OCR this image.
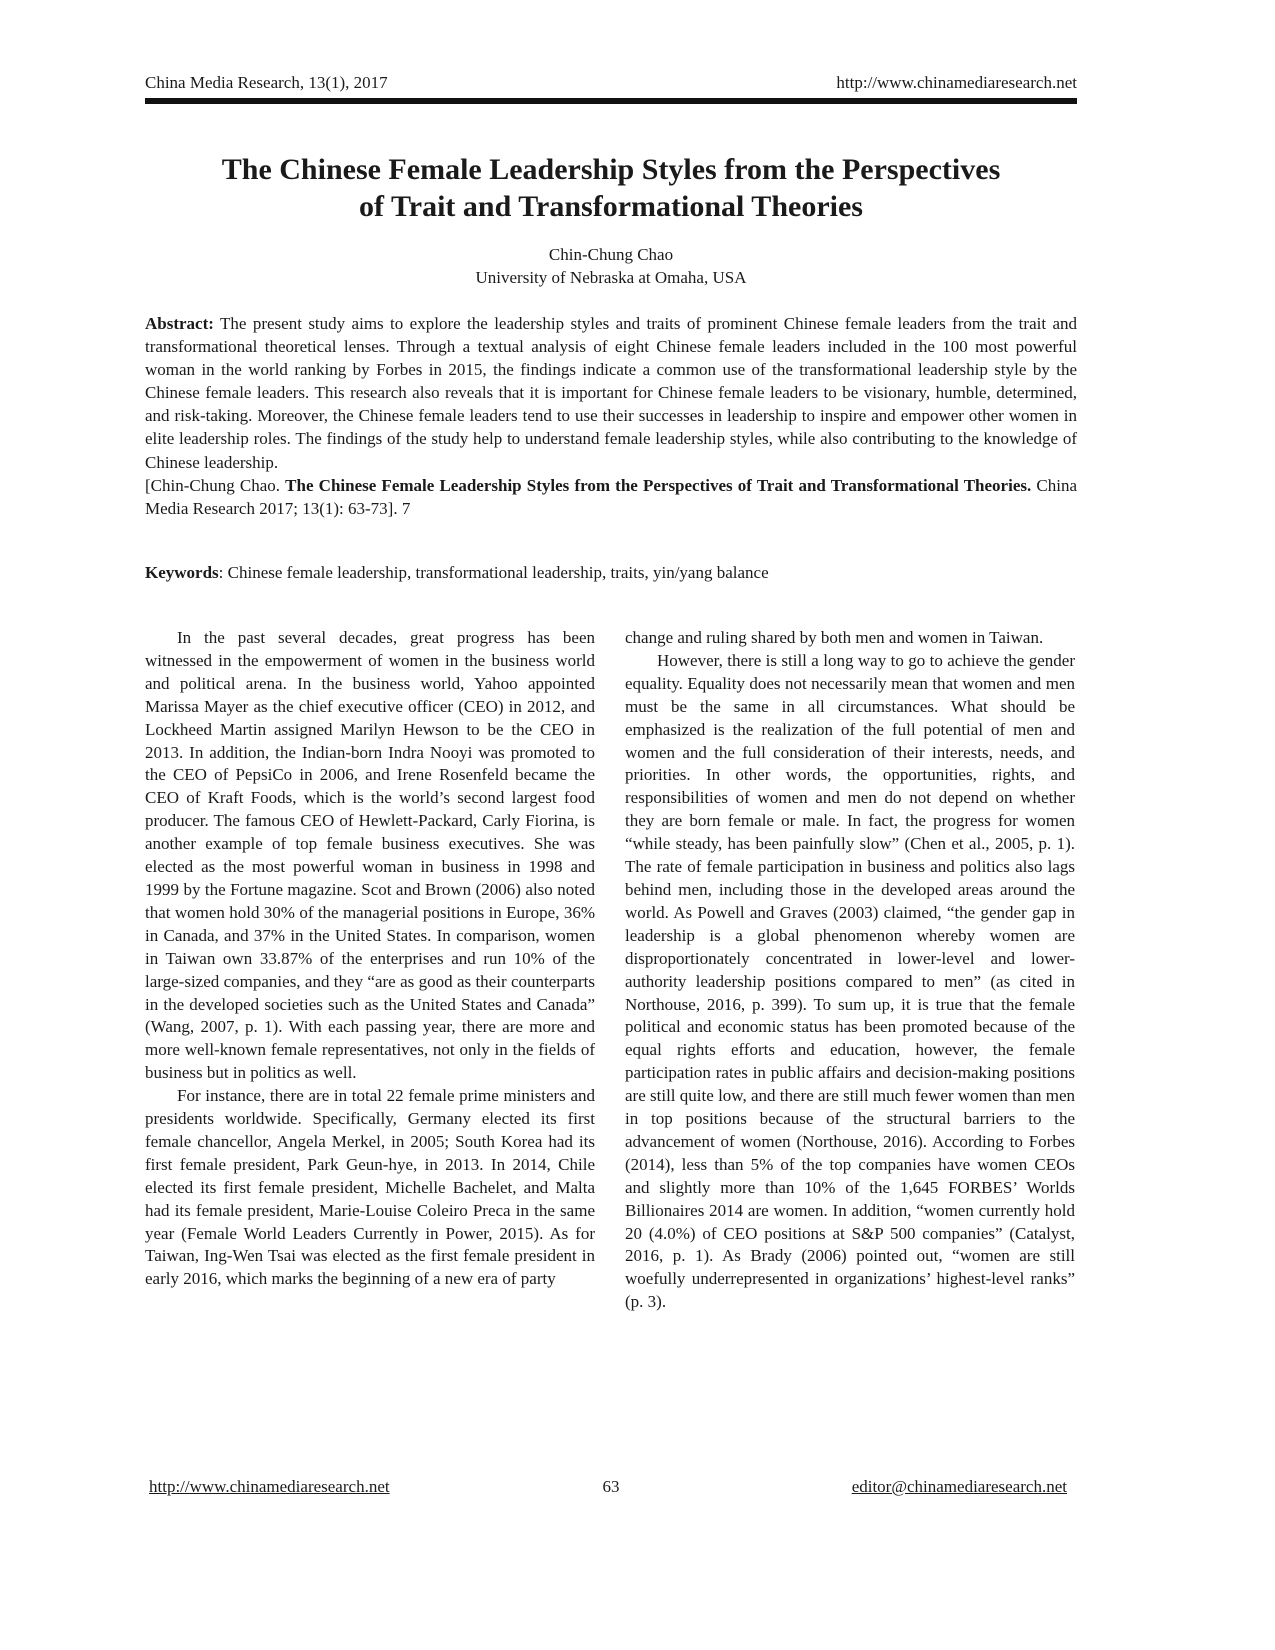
China Media Research, 13(1), 2017	http://www.chinamediaresearch.net
The Chinese Female Leadership Styles from the Perspectives
of Trait and Transformational Theories
Chin-Chung Chao
University of Nebraska at Omaha, USA

Abstract: The present study aims to explore the leadership styles and traits of prominent Chinese female leaders from the trait and transformational theoretical lenses. Through a textual analysis of eight Chinese female leaders included in the 100 most powerful woman in the world ranking by Forbes in 2015, the findings indicate a common use of the transformational leadership style by the Chinese female leaders. This research also reveals that it is important for Chinese female leaders to be visionary, humble, determined, and risk-taking. Moreover, the Chinese female leaders tend to use their successes in leadership to inspire and empower other women in elite leadership roles. The findings of the study help to understand female leadership styles, while also contributing to the knowledge of Chinese leadership.

[Chin-Chung Chao. The Chinese Female Leadership Styles from the Perspectives of Trait and Transformational Theories. China Media Research 2017; 13(1): 63-73]. 7

Keywords: Chinese female leadership, transformational leadership, traits, yin/yang balance

In the past several decades, great progress has been witnessed in the empowerment of women in the business world and political arena. In the business world, Yahoo appointed Marissa Mayer as the chief executive officer (CEO) in 2012, and Lockheed Martin assigned Marilyn Hewson to be the CEO in 2013. In addition, the Indian-born Indra Nooyi was promoted to the CEO of PepsiCo in 2006, and Irene Rosenfeld became the CEO of Kraft Foods, which is the world’s second largest food producer. The famous CEO of Hewlett-Packard, Carly Fiorina, is another example of top female business executives. She was elected as the most powerful woman in business in 1998 and 1999 by the Fortune magazine. Scot and Brown (2006) also noted that women hold 30% of the managerial positions in Europe, 36% in Canada, and 37% in the United States. In comparison, women in Taiwan own 33.87% of the enterprises and run 10% of the large-sized companies, and they “are as good as their counterparts in the developed societies such as the United States and Canada” (Wang, 2007, p. 1). With each passing year, there are more and more well-known female representatives, not only in the fields of business but in politics as well.

For instance, there are in total 22 female prime ministers and presidents worldwide. Specifically, Germany elected its first female chancellor, Angela Merkel, in 2005; South Korea had its first female president, Park Geun-hye, in 2013. In 2014, Chile elected its first female president, Michelle Bachelet, and Malta had its female president, Marie-Louise Coleiro Preca in the same year (Female World Leaders Currently in Power, 2015). As for Taiwan, Ing-Wen Tsai was elected as the first female president in early 2016, which marks the beginning of a new era of party

change and ruling shared by both men and women in Taiwan.

However, there is still a long way to go to achieve the gender equality. Equality does not necessarily mean that women and men must be the same in all circumstances. What should be emphasized is the realization of the full potential of men and women and the full consideration of their interests, needs, and priorities. In other words, the opportunities, rights, and responsibilities of women and men do not depend on whether they are born female or male. In fact, the progress for women “while steady, has been painfully slow” (Chen et al., 2005, p. 1). The rate of female participation in business and politics also lags behind men, including those in the developed areas around the world. As Powell and Graves (2003) claimed, “the gender gap in leadership is a global phenomenon whereby women are disproportionately concentrated in lower-level and lower-authority leadership positions compared to men” (as cited in Northouse, 2016, p. 399). To sum up, it is true that the female political and economic status has been promoted because of the equal rights efforts and education, however, the female participation rates in public affairs and decision-making positions are still quite low, and there are still much fewer women than men in top positions because of the structural barriers to the advancement of women (Northouse, 2016). According to Forbes (2014), less than 5% of the top companies have women CEOs and slightly more than 10% of the 1,645 FORBES’ Worlds Billionaires 2014 are women. In addition, “women currently hold 20 (4.0%) of CEO positions at S&P 500 companies” (Catalyst, 2016, p. 1). As Brady (2006) pointed out, “women are still woefully underrepresented in organizations’ highest-level ranks” (p. 3).

http://www.chinamediaresearch.net	63	editor@chinamediaresearch.net
